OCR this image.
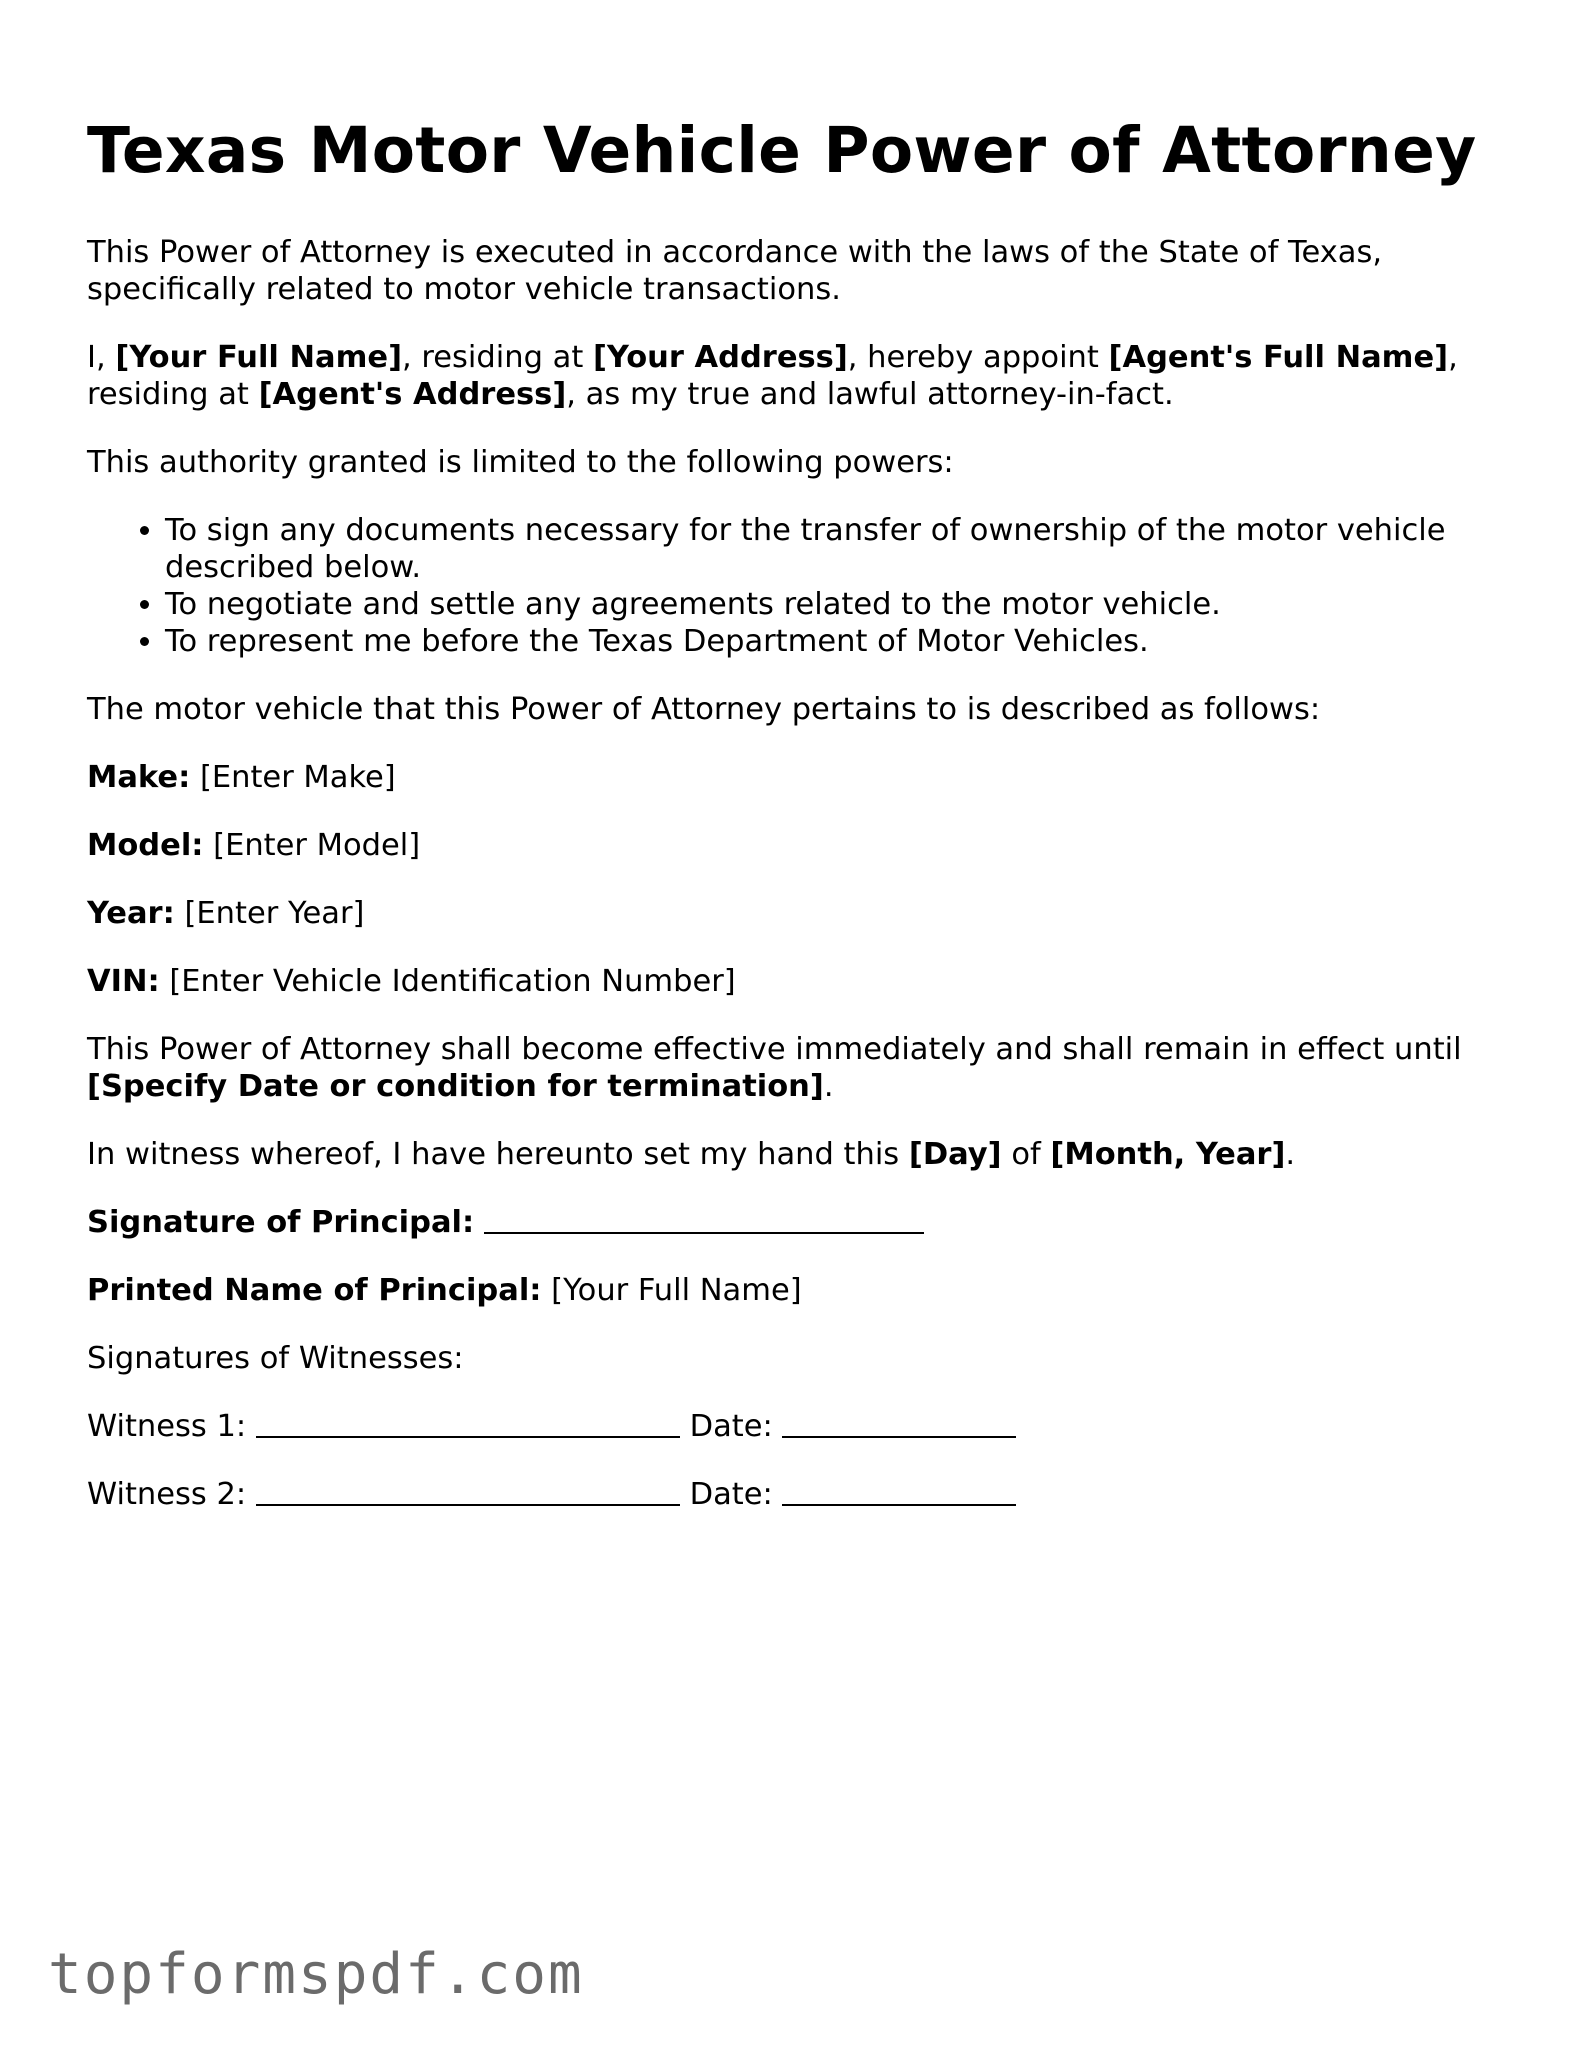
Texas Motor Vehicle Power of Attorney

This Power of Attorney is executed in accordance with the laws of the State of Texas, specifically related to motor vehicle transactions.

I, [Your Full Name], residing at [Your Address], hereby appoint [Agent's Full Name], residing at [Agent's Address], as my true and lawful attorney-in-fact.

This authority granted is limited to the following powers:

• To sign any documents necessary for the transfer of ownership of the motor vehicle described below.
• To negotiate and settle any agreements related to the motor vehicle.
• To represent me before the Texas Department of Motor Vehicles.

The motor vehicle that this Power of Attorney pertains to is described as follows:

Make: [Enter Make]

Model: [Enter Model]

Year: [Enter Year]

VIN: [Enter Vehicle Identification Number]

This Power of Attorney shall become effective immediately and shall remain in effect until [Specify Date or condition for termination].

In witness whereof, I have hereunto set my hand this [Day] of [Month, Year].

Signature of Principal:

Printed Name of Principal: [Your Full Name]

Signatures of Witnesses:

Witness 1:	Date:

Witness 2:	Date:

topformspdf.com
